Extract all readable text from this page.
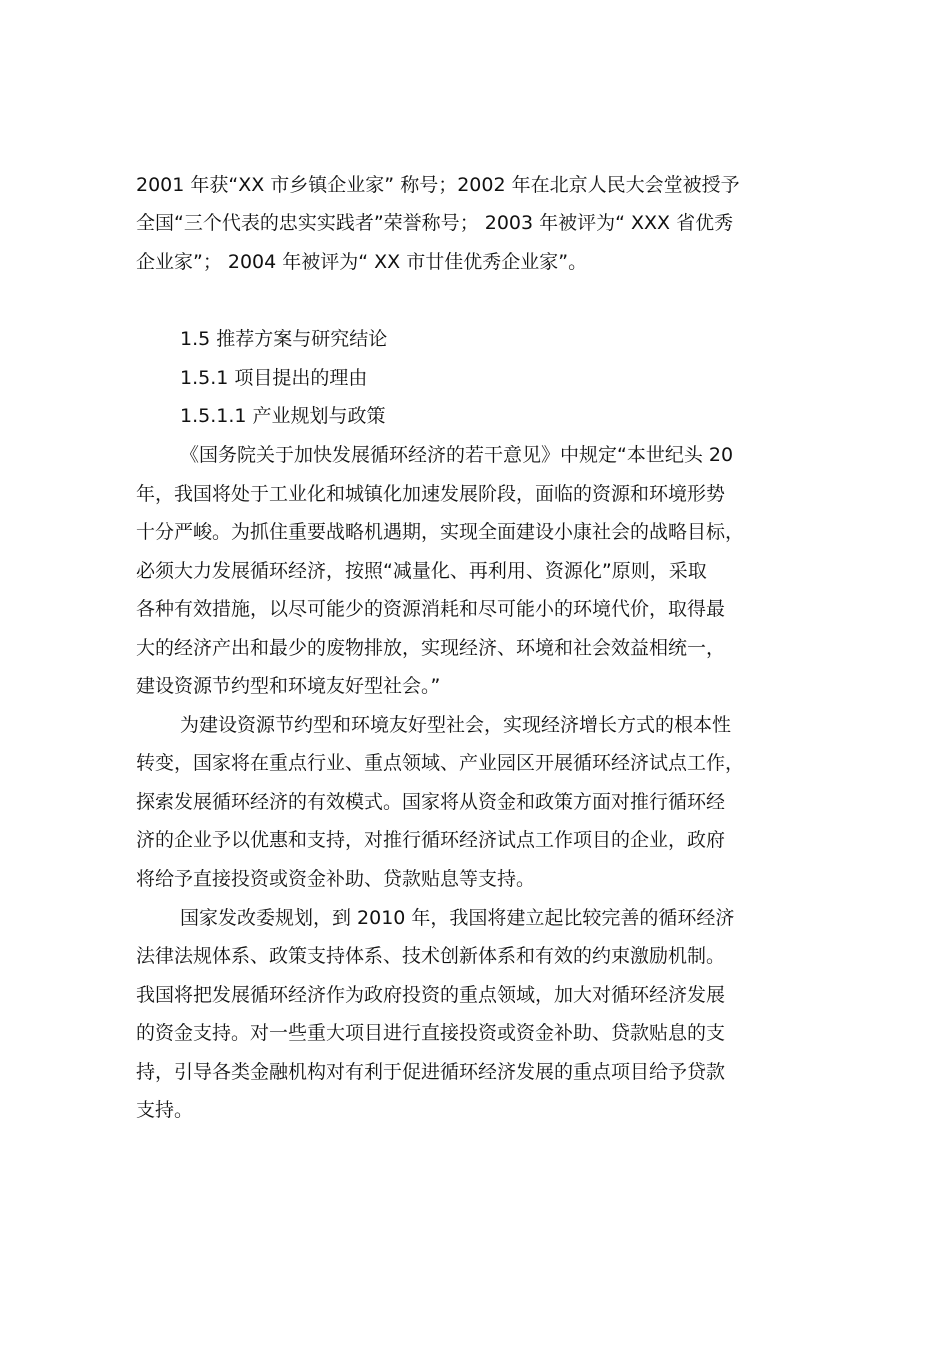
2001 年获“XX 市乡镇企业家” 称号；2002 年在北京人民大会堂被授予
全国“三个代表的忠实实践者”荣誉称号； 2003 年被评为“ XXX 省优秀
企业家”； 2004 年被评为“ XX 市廿佳优秀企业家”。
1.5 推荐方案与研究结论
1.5.1 项目提出的理由
1.5.1.1 产业规划与政策
《国务院关于加快发展循环经济的若干意见》中规定“本世纪头 20
年，我国将处于工业化和城镇化加速发展阶段，面临的资源和环境形势
十分严峻。为抓住重要战略机遇期，实现全面建设小康社会的战略目标，
必须大力发展循环经济，按照“减量化、再利用、资源化”原则，采取
各种有效措施，以尽可能少的资源消耗和尽可能小的环境代价，取得最
大的经济产出和最少的废物排放，实现经济、环境和社会效益相统一，
建设资源节约型和环境友好型社会。”
为建设资源节约型和环境友好型社会，实现经济增长方式的根本性
转变，国家将在重点行业、重点领域、产业园区开展循环经济试点工作，
探索发展循环经济的有效模式。国家将从资金和政策方面对推行循环经
济的企业予以优惠和支持，对推行循环经济试点工作项目的企业，政府
将给予直接投资或资金补助、贷款贴息等支持。
国家发改委规划，到 2010 年，我国将建立起比较完善的循环经济
法律法规体系、政策支持体系、技术创新体系和有效的约束激励机制。
我国将把发展循环经济作为政府投资的重点领域，加大对循环经济发展
的资金支持。对一些重大项目进行直接投资或资金补助、贷款贴息的支
持，引导各类金融机构对有利于促进循环经济发展的重点项目给予贷款
支持。
